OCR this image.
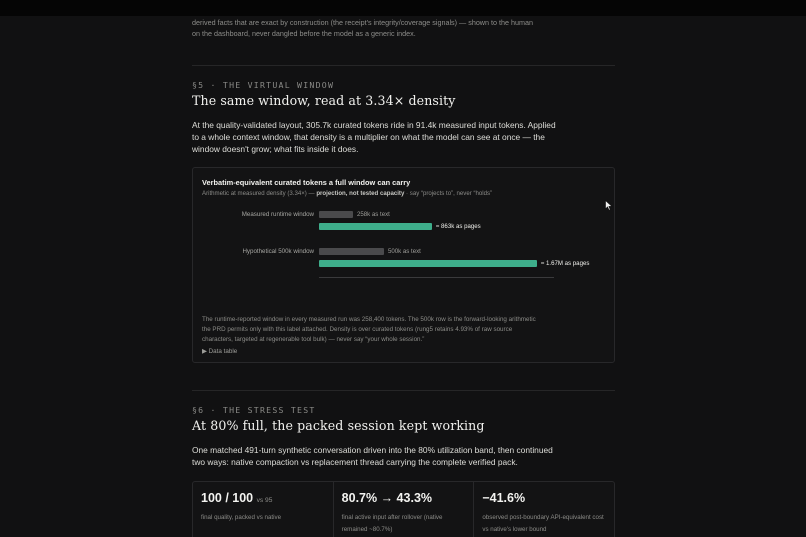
derived facts that are exact by construction (the receipt's integrity/coverage signals) — shown to the human
on the dashboard, never dangled before the model as a generic index.
§5 · THE VIRTUAL WINDOW
The same window, read at 3.34× density
At the quality-validated layout, 305.7k curated tokens ride in 91.4k measured input tokens. Applied to a whole context window, that density is a multiplier on what the model can see at once — the window doesn't grow; what fits inside it does.
Verbatim-equivalent curated tokens a full window can carry
Arithmetic at measured density (3.34×) — projection, not tested capacity · say “projects to”, never “holds”
Measured runtime window
Hypothetical 500k window
258k as text
≈ 863k as pages
500k as text
≈ 1.67M as pages
The runtime-reported window in every measured run was 258,400 tokens. The 500k row is the forward-looking arithmetic the PRD permits only with this label attached. Density is over curated tokens (rung5 retains 4.93% of raw source characters, targeted at regenerable tool bulk) — never say “your whole session.”
▶ Data table
§6 · THE STRESS TEST
At 80% full, the packed session kept working
One matched 491-turn synthetic conversation driven into the 80% utilization band, then continued two ways: native compaction vs replacement thread carrying the complete verified pack.
100 / 100 vs 95
final quality, packed vs native
80.7% → 43.3%
final active input after rollover (native remained ~80.7%)
−41.6%
observed post-boundary API-equivalent cost vs native's lower bound
